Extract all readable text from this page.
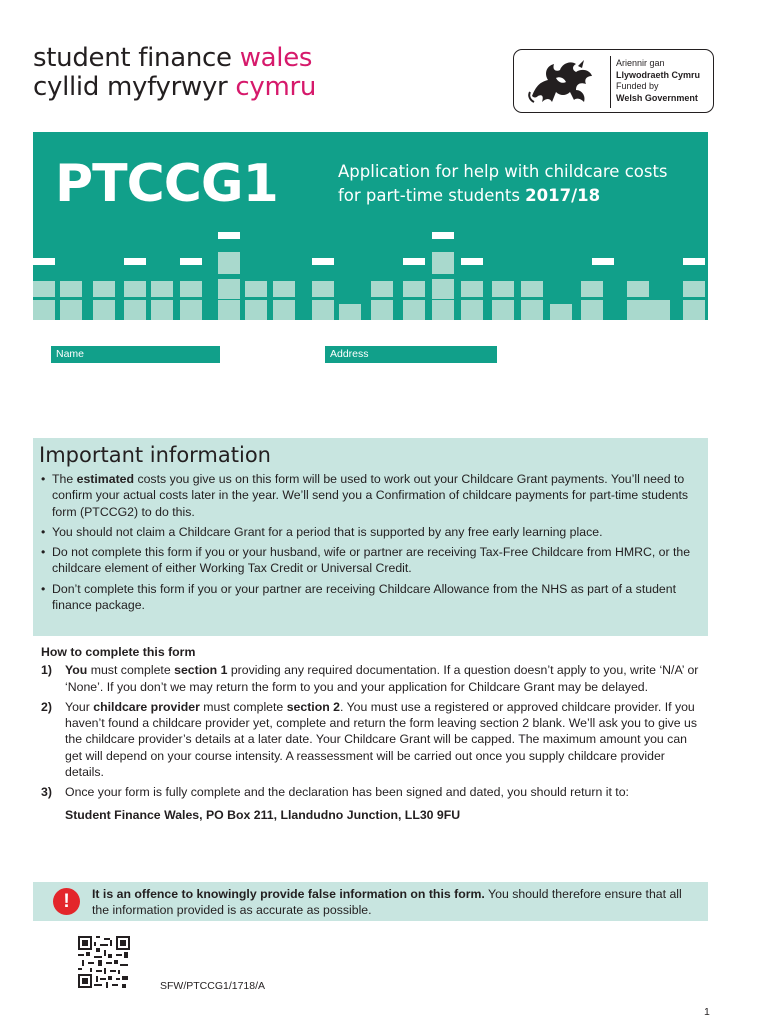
student finance wales
cyllid myfyrwyr cymru
Ariennir gan
Llywodraeth Cymru
Funded by
Welsh Government
PTCCG1	Application for help with childcare costs
for part-time students 2017/18
Name	Address
Important information
• The estimated costs you give us on this form will be used to work out your Childcare Grant payments. You’ll need to confirm your actual costs later in the year. We’ll send you a Confirmation of childcare payments for part-time students form (PTCCG2) to do this.
• You should not claim a Childcare Grant for a period that is supported by any free early learning place.
• Do not complete this form if you or your husband, wife or partner are receiving Tax-Free Childcare from HMRC, or the childcare element of either Working Tax Credit or Universal Credit.
• Don’t complete this form if you or your partner are receiving Childcare Allowance from the NHS as part of a student finance package.
How to complete this form
1) You must complete section 1 providing any required documentation. If a question doesn’t apply to you, write ‘N/A’ or ‘None’. If you don’t we may return the form to you and your application for Childcare Grant may be delayed.
2) Your childcare provider must complete section 2. You must use a registered or approved childcare provider. If you haven’t found a childcare provider yet, complete and return the form leaving section 2 blank. We’ll ask you to give us the childcare provider’s details at a later date. Your Childcare Grant will be capped. The maximum amount you can get will depend on your course intensity. A reassessment will be carried out once you supply childcare provider details.
3) Once your form is fully complete and the declaration has been signed and dated, you should return it to:
Student Finance Wales, PO Box 211, Llandudno Junction, LL30 9FU
!	It is an offence to knowingly provide false information on this form. You should therefore ensure that all the information provided is as accurate as possible.
SFW/PTCCG1/1718/A
1
